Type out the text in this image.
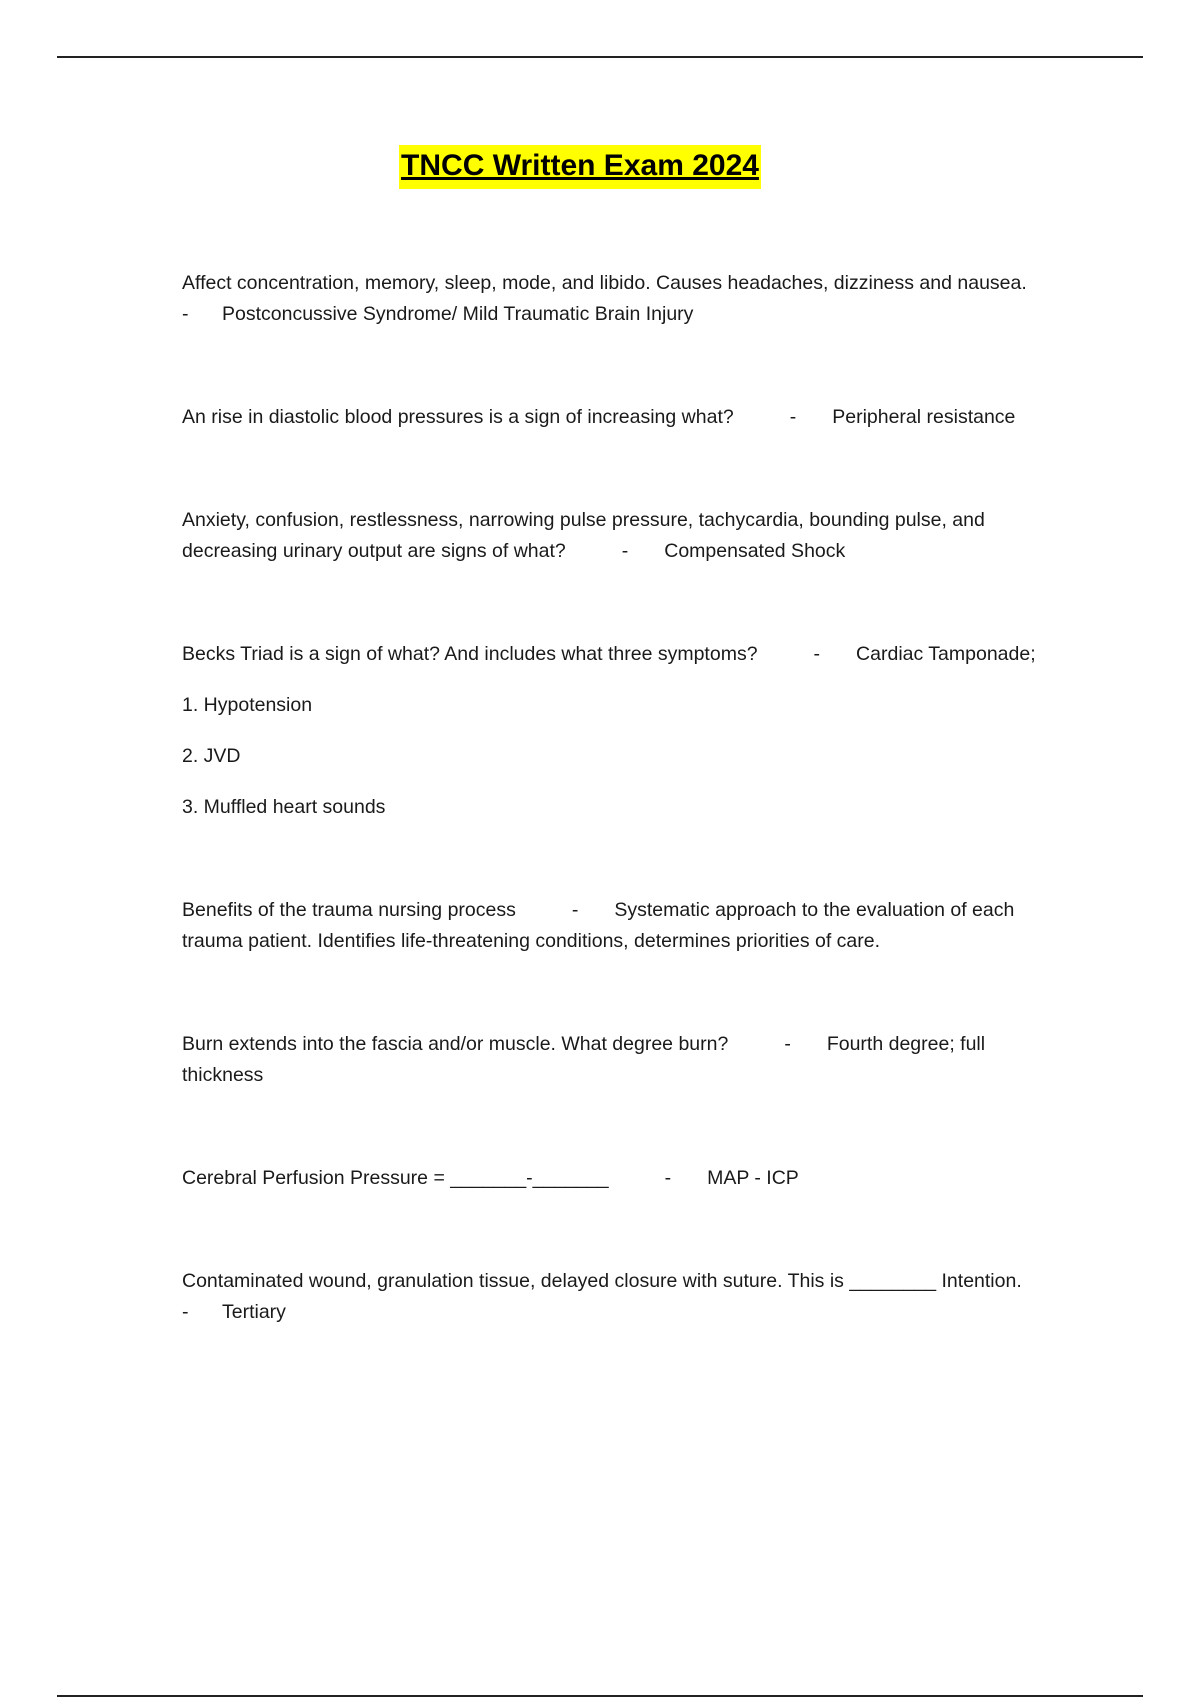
TNCC Written Exam 2024

Affect concentration, memory, sleep, mode, and libido. Causes headaches, dizziness and nausea.

- Postconcussive Syndrome/ Mild Traumatic Brain Injury

An rise in diastolic blood pressures is a sign of increasing what?	- Peripheral resistance

Anxiety, confusion, restlessness, narrowing pulse pressure, tachycardia, bounding pulse, and decreasing urinary output are signs of what?	- Compensated Shock

Becks Triad is a sign of what? And includes what three symptoms?	- Cardiac Tamponade;

1. Hypotension

2. JVD

3. Muffled heart sounds

Benefits of the trauma nursing process	- Systematic approach to the evaluation of each trauma patient. Identifies life-threatening conditions, determines priorities of care.

Burn extends into the fascia and/or muscle. What degree burn?	- Fourth degree; full thickness

Cerebral Perfusion Pressure = _______-_______	- MAP - ICP

Contaminated wound, granulation tissue, delayed closure with suture. This is ________ Intention.

- Tertiary
